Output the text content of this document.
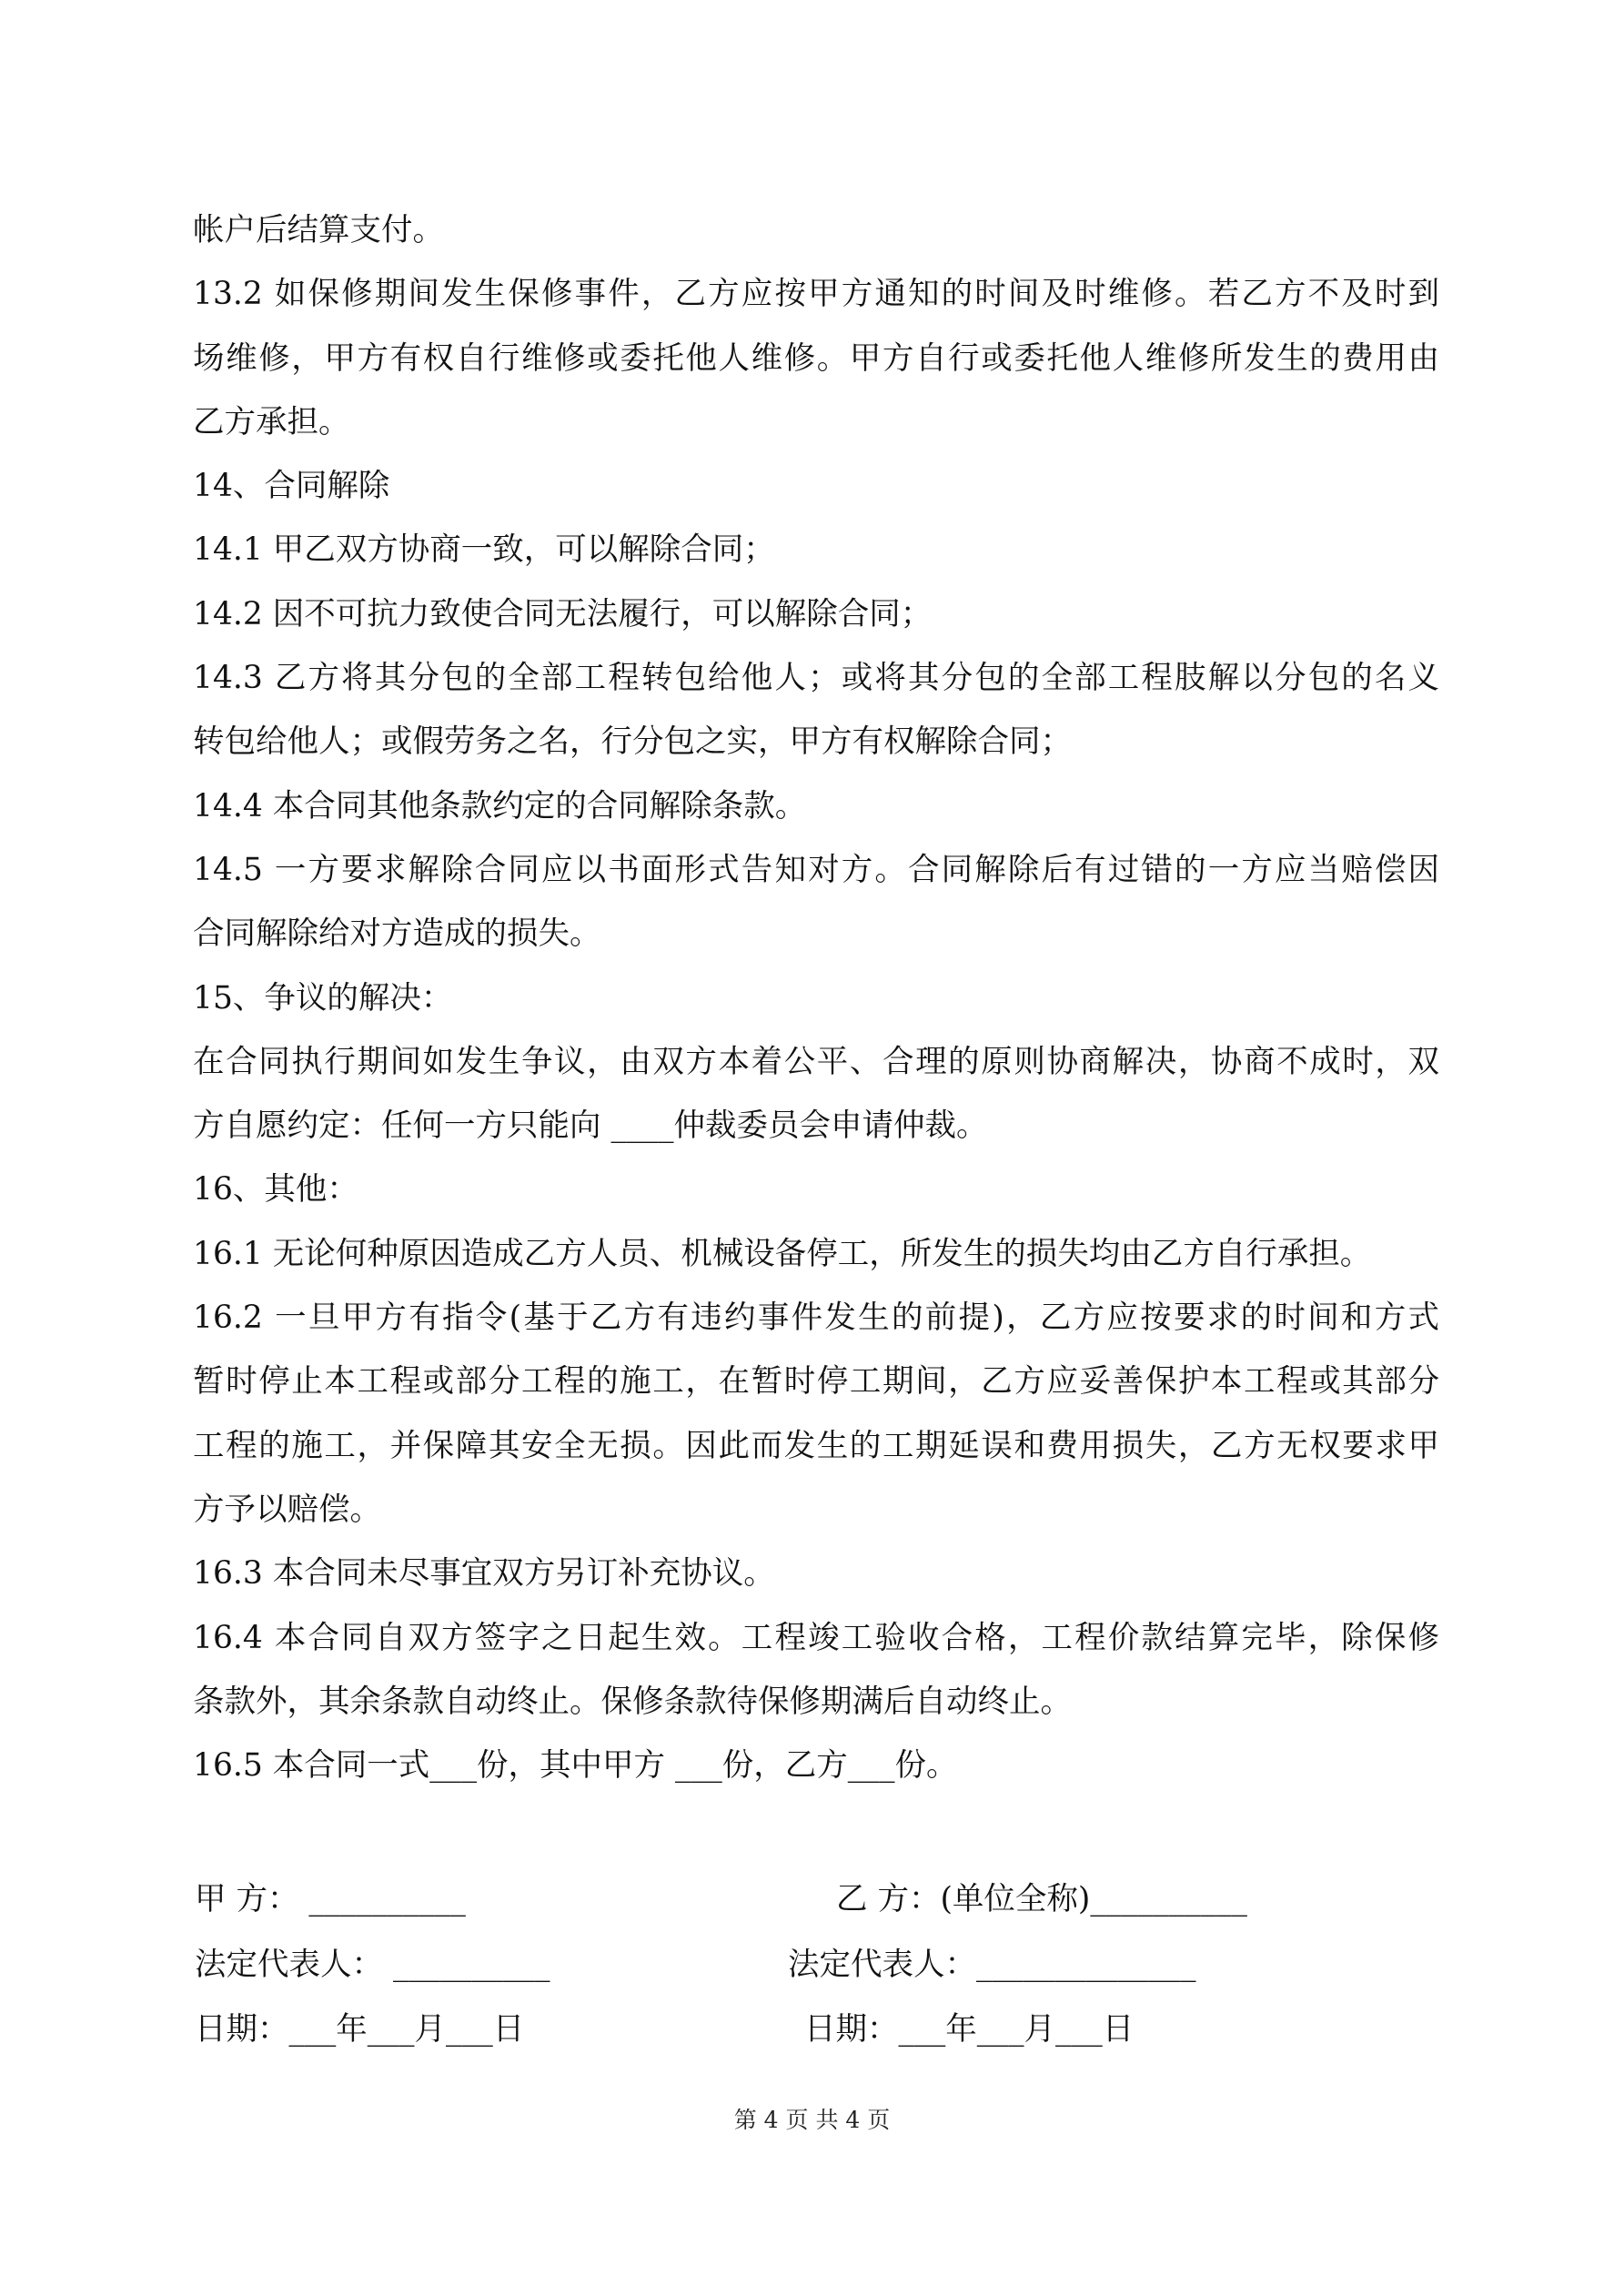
帐户后结算支付。
13.2 如保修期间发生保修事件，乙方应按甲方通知的时间及时维修。若乙方不及时到
场维修，甲方有权自行维修或委托他人维修。甲方自行或委托他人维修所发生的费用由
乙方承担。
14、合同解除
14.1 甲乙双方协商一致，可以解除合同；
14.2 因不可抗力致使合同无法履行，可以解除合同；
14.3 乙方将其分包的全部工程转包给他人；或将其分包的全部工程肢解以分包的名义
转包给他人；或假劳务之名，行分包之实，甲方有权解除合同；
14.4 本合同其他条款约定的合同解除条款。
14.5 一方要求解除合同应以书面形式告知对方。合同解除后有过错的一方应当赔偿因
合同解除给对方造成的损失。
15、争议的解决：
在合同执行期间如发生争议，由双方本着公平、合理的原则协商解决，协商不成时，双
方自愿约定：任何一方只能向 ____仲裁委员会申请仲裁。
16、其他：
16.1 无论何种原因造成乙方人员、机械设备停工，所发生的损失均由乙方自行承担。
16.2 一旦甲方有指令(基于乙方有违约事件发生的前提)，乙方应按要求的时间和方式
暂时停止本工程或部分工程的施工，在暂时停工期间，乙方应妥善保护本工程或其部分
工程的施工，并保障其安全无损。因此而发生的工期延误和费用损失，乙方无权要求甲
方予以赔偿。
16.3 本合同未尽事宜双方另订补充协议。
16.4 本合同自双方签字之日起生效。工程竣工验收合格，工程价款结算完毕，除保修
条款外，其余条款自动终止。保修条款待保修期满后自动终止。
16.5 本合同一式___份，其中甲方 ___份，乙方___份。
甲 方： __________	乙 方：(单位全称)__________
法定代表人： __________	法定代表人：______________
日期：___年___月___日	日期：___年___月___日
第 4 页 共 4 页
